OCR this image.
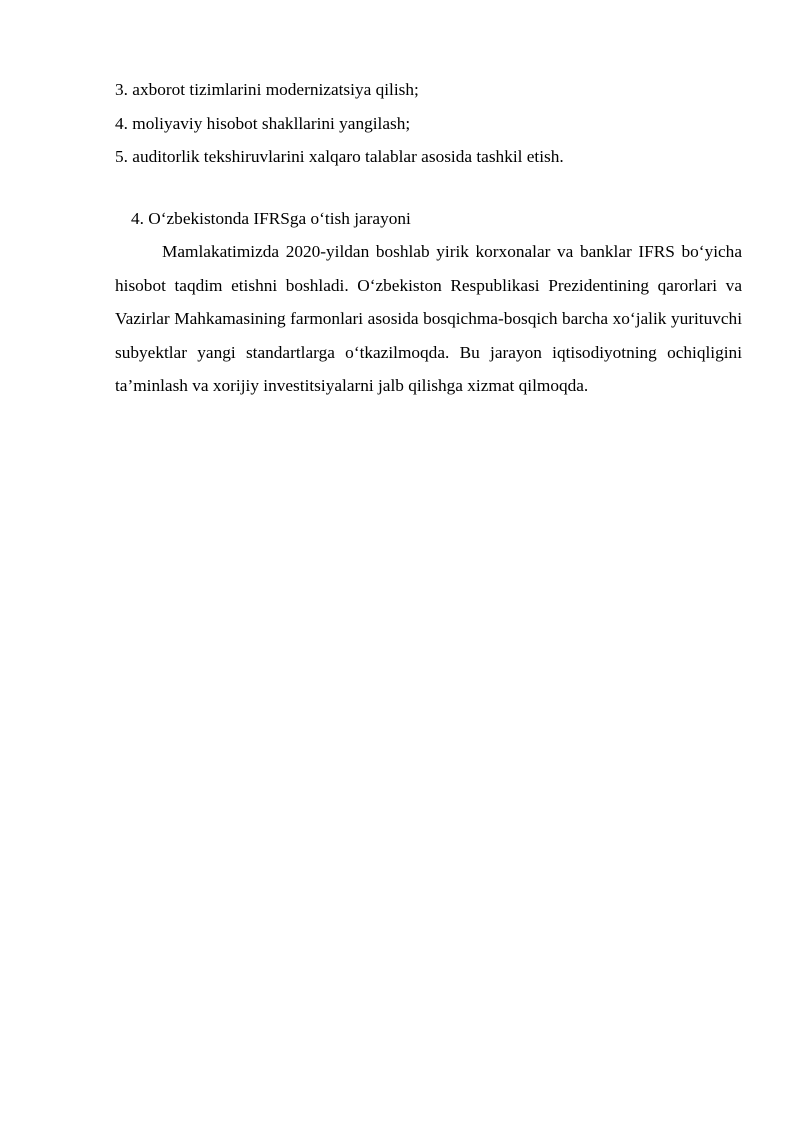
3. axborot tizimlarini modernizatsiya qilish;

4. moliyaviy hisobot shakllarini yangilash;

5. auditorlik tekshiruvlarini xalqaro talablar asosida tashkil etish.

4. O‘zbekistonda IFRSga o‘tish jarayoni

Mamlakatimizda 2020-yildan boshlab yirik korxonalar va banklar IFRS bo‘yicha hisobot taqdim etishni boshladi. O‘zbekiston Respublikasi Prezidentining qarorlari va Vazirlar Mahkamasining farmonlari asosida bosqichma-bosqich barcha xo‘jalik yurituvchi subyektlar yangi standartlarga o‘tkazilmoqda. Bu jarayon iqtisodiyotning ochiqligini ta’minlash va xorijiy investitsiyalarni jalb qilishga xizmat qilmoqda.
